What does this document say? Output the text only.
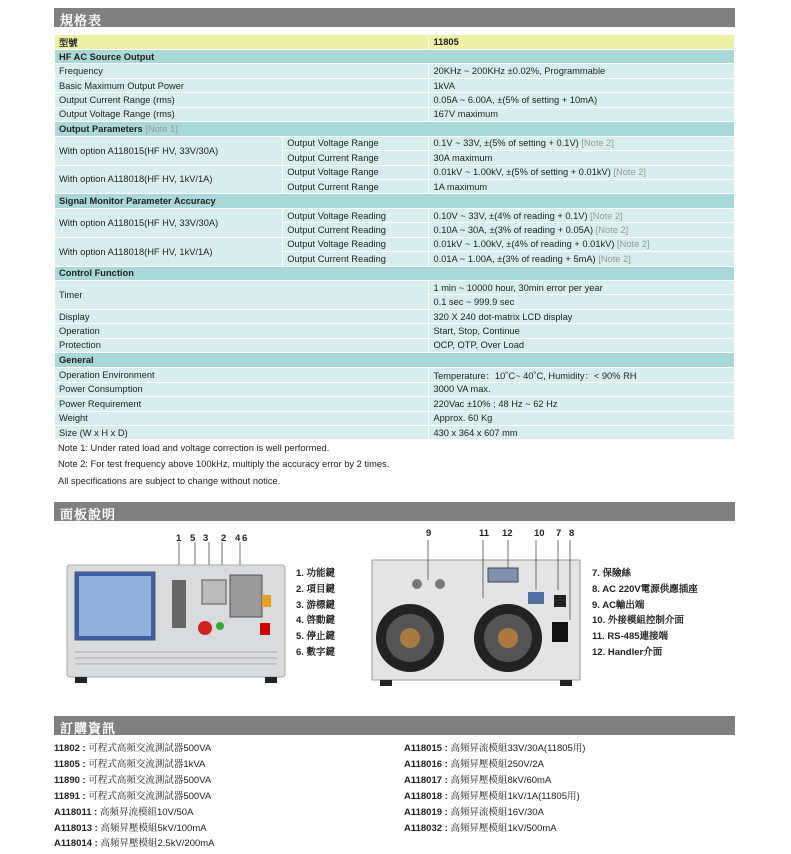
規格表
型號		11805
HF AC Source Output		
Frequency		20KHz ~ 200KHz ±0.02%, Programmable
Basic Maximum Output Power		1kVA
Output Current Range (rms)		0.05A ~ 6.00A, ±(5% of setting + 10mA)
Output Voltage Range (rms)		167V maximum
Output Parameters [Note 1]		
With option A118015(HF HV, 33V/30A)	Output Voltage Range	0.1V ~ 33V, ±(5% of setting + 0.1V) [Note 2]
	Output Current Range	30A maximum
With option A118018(HF HV, 1kV/1A)	Output Voltage Range	0.01kV ~ 1.00kV, ±(5% of setting + 0.01kV) [Note 2]
	Output Current Range	1A maximum
Signal Monitor Parameter Accuracy		
With option A118015(HF HV, 33V/30A)	Output Voltage Reading	0.10V ~ 33V, ±(4% of reading + 0.1V) [Note 2]
	Output Current Reading	0.10A ~ 30A, ±(3% of reading + 0.05A) [Note 2]
With option A118018(HF HV, 1kV/1A)	Output Voltage Reading	0.01kV ~ 1.00kV, ±(4% of reading + 0.01kV) [Note 2]
	Output Current Reading	0.01A ~ 1.00A, ±(3% of reading + 5mA) [Note 2]
Control Function		
Timer		1 min ~ 10000 hour, 30min error per year
		0.1 sec ~ 999.9 sec
Display		320 X 240 dot-matrix LCD display
Operation		Start, Stop, Continue
Protection		OCP, OTP, Over Load
General		
Operation Environment		Temperature：10˚C~ 40˚C, Humidity：< 90% RH
Power Consumption		3000 VA max.
Power Requirement		220Vac ±10% ; 48 Hz ~ 62 Hz
Weight		Approx. 60 Kg
Size (W x H x D)		430 x 364 x 607 mm
Note 1: Under rated load and voltage correction is well performed.
Note 2: For test frequency above 100kHz, multiply the accuracy error by 2 times.
All specifications are subject to change without notice.
面板說明
1 5 3 2 4 6
1. 功能鍵
2. 項目鍵
3. 游標鍵
4. 啓動鍵
5. 停止鍵
6. 數字鍵
9	11 12 10 7 8
7. 保險絲
8. AC 220V電源供應插座
9. AC輸出端
10. 外接模組控制介面
11. RS-485連接端
12. Handler介面
訂購資訊
11802 : 可程式高頻交流測試器500VA
11805 : 可程式高頻交流測試器1kVA
11890 : 可程式高頻交流測試器500VA
11891 : 可程式高頻交流測試器500VA
A118011 : 高頻昇流模組10V/50A
A118013 : 高頻昇壓模組5kV/100mA
A118014 : 高頻昇壓模組2.5kV/200mA
A118015 : 高頻昇流模組33V/30A(11805用)
A118016 : 高頻昇壓模組250V/2A
A118017 : 高頻昇壓模組8kV/60mA
A118018 : 高頻昇壓模組1kV/1A(11805用)
A118019 : 高頻昇流模組16V/30A
A118032 : 高頻昇壓模組1kV/500mA
